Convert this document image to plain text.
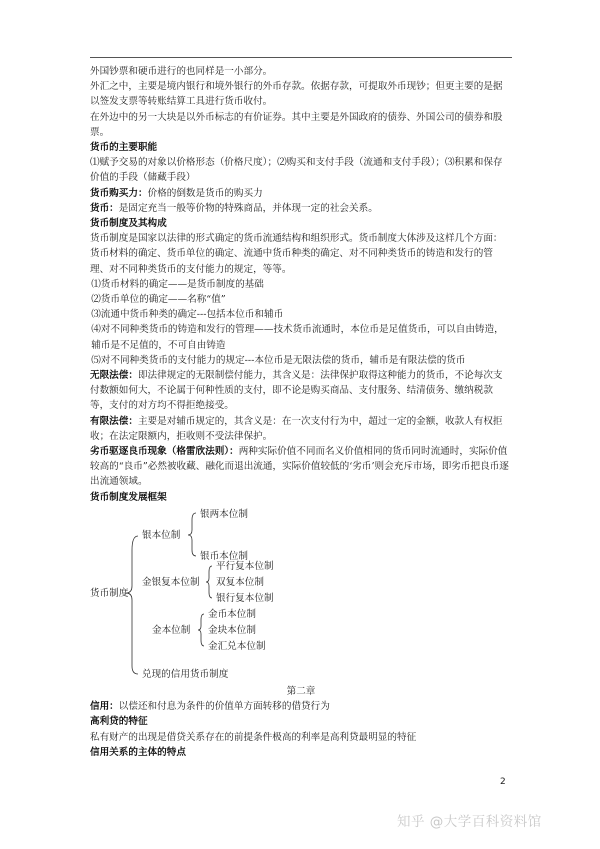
外国钞票和硬币进行的也同样是一小部分。

外汇之中，主要是境内银行和境外银行的外币存款。依据存款，可提取外币现钞；但更主要的是据以签发支票等转账结算工具进行货币收付。

在外边中的另一大块是以外币标志的有价证券。其中主要是外国政府的债券、外国公司的债券和股票。

货币的主要职能

⑴赋予交易的对象以价格形态（价格尺度）；⑵购买和支付手段（流通和支付手段）；⑶积累和保存价值的手段（储藏手段）

货币购买力：价格的倒数是货币的购买力

货币：是固定充当一般等价物的特殊商品，并体现一定的社会关系。

货币制度及其构成

货币制度是国家以法律的形式确定的货币流通结构和组织形式。货币制度大体涉及这样几个方面：货币材料的确定、货币单位的确定、流通中货币种类的确定、对不同种类货币的铸造和发行的管理、对不同种类货币的支付能力的规定，等等。

⑴货币材料的确定——是货币制度的基础

⑵货币单位的确定——名称“值”

⑶流通中货币种类的确定---包括本位币和辅币

⑷对不同种类货币的铸造和发行的管理——技术货币流通时，本位币是足值货币，可以自由铸造，辅币是不足值的，不可自由铸造

⑸对不同种类货币的支付能力的规定---本位币是无限法偿的货币，辅币是有限法偿的货币

无限法偿：即法律规定的无限制偿付能力，其含义是：法律保护取得这种能力的货币，不论每次支付数额如何大，不论属于何种性质的支付，即不论是购买商品、支付服务、结清债务、缴纳税款等，支付的对方均不得拒绝接受。

有限法偿：主要是对辅币规定的，其含义是：在一次支付行为中，超过一定的金额，收款人有权拒收；在法定限额内，拒收则不受法律保护。

劣币驱逐良币现象（格雷欣法则）：两种实际价值不同而名义价值相同的货币同时流通时，实际价值较高的“良币”必然被收藏、融化而退出流通，实际价值较低的‘劣币’则会充斥市场，即劣币把良币逐出流通领域。

货币制度发展框架

货币制度
银本位制
银两本位制
银币本位制
金银复本位制
平行复本位制
双复本位制
银行复本位制
金本位制
金币本位制
金块本位制
金汇兑本位制
兑现的信用货币制度

第二章

信用：以偿还和付息为条件的价值单方面转移的借贷行为

高利贷的特征

私有财产的出现是借贷关系存在的前提条件极高的利率是高利贷最明显的特征

信用关系的主体的特点

2
知乎 @大学百科资料馆
